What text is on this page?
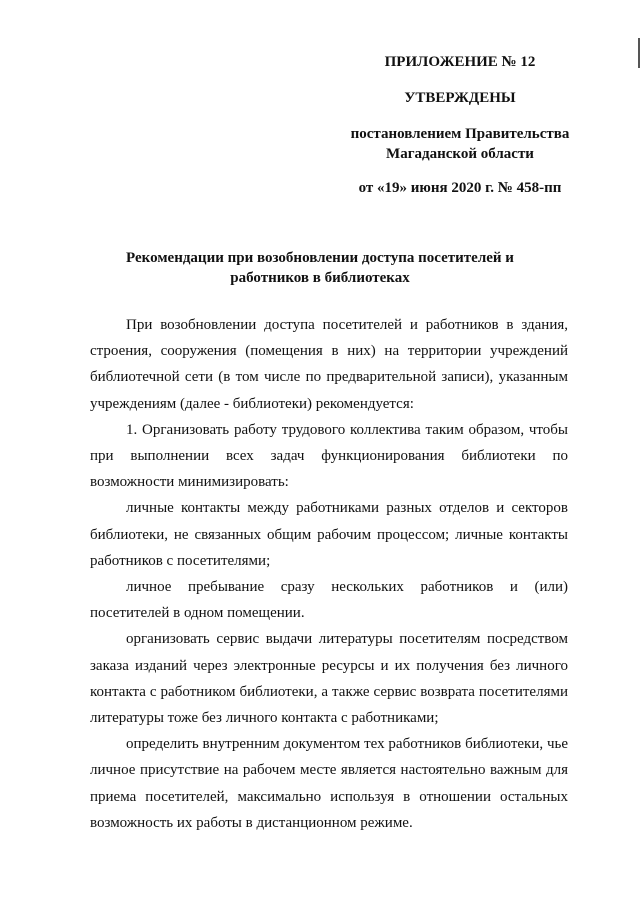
ПРИЛОЖЕНИЕ № 12
УТВЕРЖДЕНЫ
постановлением Правительства Магаданской области
от «19» июня 2020 г. № 458-пп
Рекомендации при возобновлении доступа посетителей и работников в библиотеках

При возобновлении доступа посетителей и работников в здания, строения, сооружения (помещения в них) на территории учреждений библиотечной сети (в том числе по предварительной записи), указанным учреждениям (далее - библиотеки) рекомендуется:

1. Организовать работу трудового коллектива таким образом, чтобы при выполнении всех задач функционирования библиотеки по возможности минимизировать:

личные контакты между работниками разных отделов и секторов библиотеки, не связанных общим рабочим процессом; личные контакты работников с посетителями;

личное пребывание сразу нескольких работников и (или) посетителей в одном помещении.

организовать сервис выдачи литературы посетителям посредством заказа изданий через электронные ресурсы и их получения без личного контакта с работником библиотеки, а также сервис возврата посетителями литературы тоже без личного контакта с работниками;

определить внутренним документом тех работников библиотеки, чье личное присутствие на рабочем месте является настоятельно важным для приема посетителей, максимально используя в отношении остальных возможность их работы в дистанционном режиме.
